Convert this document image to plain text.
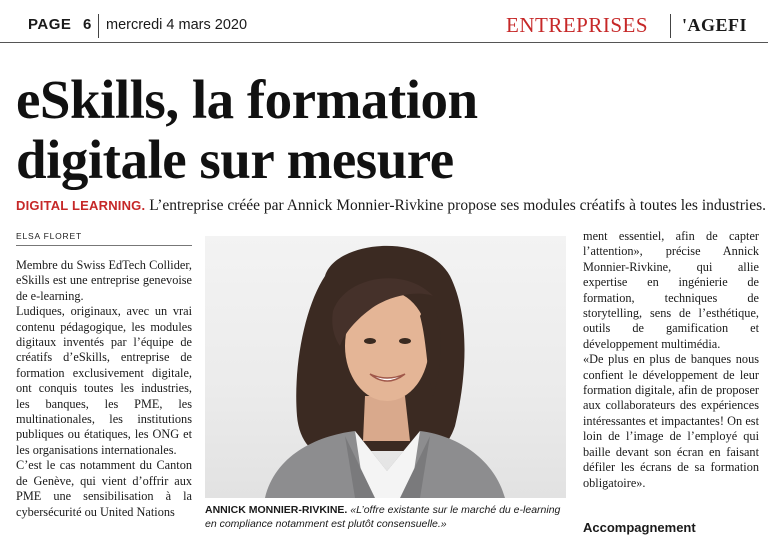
PAGE 6 mercredi 4 mars 2020	ENTREPRISES 'AGEFI
eSkills, la formation
digitale sur mesure
DIGITAL LEARNING. L’entreprise créée par Annick Monnier-Rivkine propose ses modules créatifs à toutes les industries.
ELSA FLORET

Membre du Swiss EdTech Collider, eSkills est une entreprise genevoise de e-learning.

Ludiques, originaux, avec un vrai contenu pédagogique, les modules digitaux inventés par l’équipe de créatifs d’eSkills, entreprise de formation exclusivement digitale, ont conquis toutes les industries, les banques, les PME, les multinationales, les institutions publiques ou étatiques, les ONG et les organisations internationales.

C’est le cas notamment du Canton de Genève, qui vient d’offrir aux PME une sensibilisation à la cybersécurité ou United Nations	ANNICK MONNIER-RIVKINE. «L’offre existante sur le marché du e-learning en compliance notamment est plutôt consensuelle.»

ment essentiel, afin de capter l’attention», précise Annick Monnier-Rivkine, qui allie expertise en ingénierie de formation, techniques de storytelling, sens de l’esthétique, outils de gamification et développement multimédia.

«De plus en plus de banques nous confient le développement de leur formation digitale, afin de proposer aux collaborateurs des expériences intéressantes et impactantes! On est loin de l’image de l’employé qui baille devant son écran en faisant défiler les écrans de sa formation obligatoire».

Accompagnement
